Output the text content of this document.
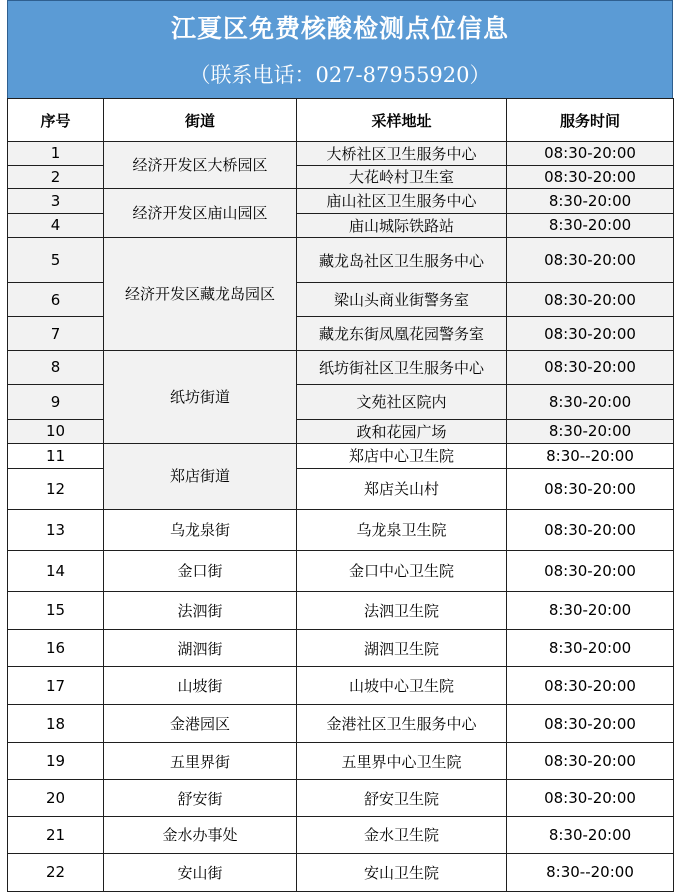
江夏区免费核酸检测点位信息
（联系电话：027-87955920）
序号	街道	采样地址	服务时间
1	经济开发区大桥园区	大桥社区卫生服务中心	08:30-20:00
2		大花岭村卫生室	08:30-20:00
3	经济开发区庙山园区	庙山社区卫生服务中心	8:30-20:00
4		庙山城际铁路站	8:30-20:00
5	经济开发区藏龙岛园区	藏龙岛社区卫生服务中心	08:30-20:00
6		梁山头商业街警务室	08:30-20:00
7		藏龙东街凤凰花园警务室	08:30-20:00
8	纸坊街道	纸坊街社区卫生服务中心	08:30-20:00
9		文苑社区院内	8:30-20:00
10		政和花园广场	8:30-20:00
11	郑店街道	郑店中心卫生院	8:30--20:00
12		郑店关山村	08:30-20:00
13	乌龙泉街	乌龙泉卫生院	08:30-20:00
14	金口街	金口中心卫生院	08:30-20:00
15	法泗街	法泗卫生院	8:30-20:00
16	湖泗街	湖泗卫生院	8:30-20:00
17	山坡街	山坡中心卫生院	08:30-20:00
18	金港园区	金港社区卫生服务中心	08:30-20:00
19	五里界街	五里界中心卫生院	08:30-20:00
20	舒安街	舒安卫生院	08:30-20:00
21	金水办事处	金水卫生院	8:30-20:00
22	安山街	安山卫生院	8:30--20:00
